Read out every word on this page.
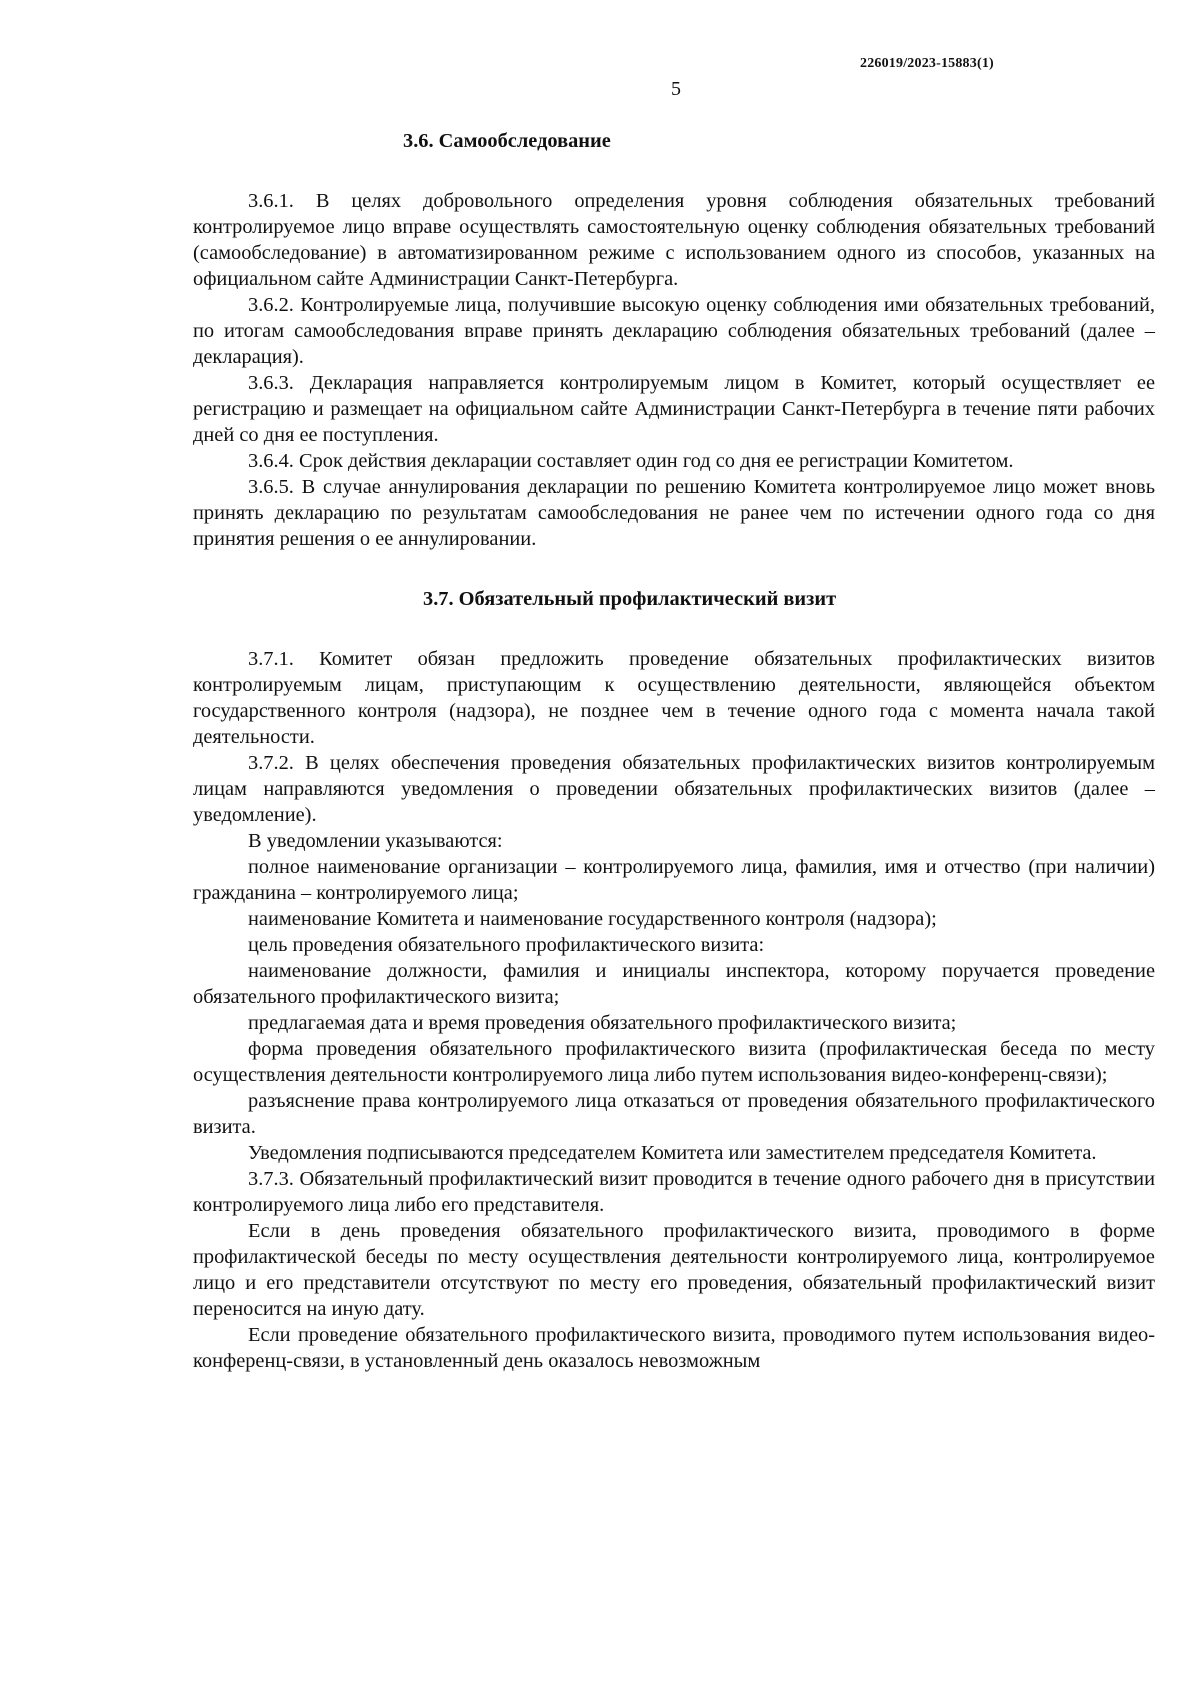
226019/2023-15883(1)
5
3.6. Самообследование

3.6.1. В целях добровольного определения уровня соблюдения обязательных требований контролируемое лицо вправе осуществлять самостоятельную оценку соблюдения обязательных требований (самообследование) в автоматизированном режиме с использованием одного из способов, указанных на официальном сайте Администрации Санкт-Петербурга.

3.6.2. Контролируемые лица, получившие высокую оценку соблюдения ими обязательных требований, по итогам самообследования вправе принять декларацию соблюдения обязательных требований (далее – декларация).

3.6.3. Декларация направляется контролируемым лицом в Комитет, который осуществляет ее регистрацию и размещает на официальном сайте Администрации Санкт-Петербурга в течение пяти рабочих дней со дня ее поступления.

3.6.4. Срок действия декларации составляет один год со дня ее регистрации Комитетом.

3.6.5. В случае аннулирования декларации по решению Комитета контролируемое лицо может вновь принять декларацию по результатам самообследования не ранее чем по истечении одного года со дня принятия решения о ее аннулировании.

3.7. Обязательный профилактический визит

3.7.1. Комитет обязан предложить проведение обязательных профилактических визитов контролируемым лицам, приступающим к осуществлению деятельности, являющейся объектом государственного контроля (надзора), не позднее чем в течение одного года с момента начала такой деятельности.

3.7.2. В целях обеспечения проведения обязательных профилактических визитов контролируемым лицам направляются уведомления о проведении обязательных профилактических визитов (далее – уведомление).

В уведомлении указываются:

полное наименование организации – контролируемого лица, фамилия, имя и отчество (при наличии) гражданина – контролируемого лица;

наименование Комитета и наименование государственного контроля (надзора);

цель проведения обязательного профилактического визита:

наименование должности, фамилия и инициалы инспектора, которому поручается проведение обязательного профилактического визита;

предлагаемая дата и время проведения обязательного профилактического визита;

форма проведения обязательного профилактического визита (профилактическая беседа по месту осуществления деятельности контролируемого лица либо путем использования видео-конференц-связи);

разъяснение права контролируемого лица отказаться от проведения обязательного профилактического визита.

Уведомления подписываются председателем Комитета или заместителем председателя Комитета.

3.7.3. Обязательный профилактический визит проводится в течение одного рабочего дня в присутствии контролируемого лица либо его представителя.

Если в день проведения обязательного профилактического визита, проводимого в форме профилактической беседы по месту осуществления деятельности контролируемого лица, контролируемое лицо и его представители отсутствуют по месту его проведения, обязательный профилактический визит переносится на иную дату.

Если проведение обязательного профилактического визита, проводимого путем использования видео-конференц-связи, в установленный день оказалось невозможным
